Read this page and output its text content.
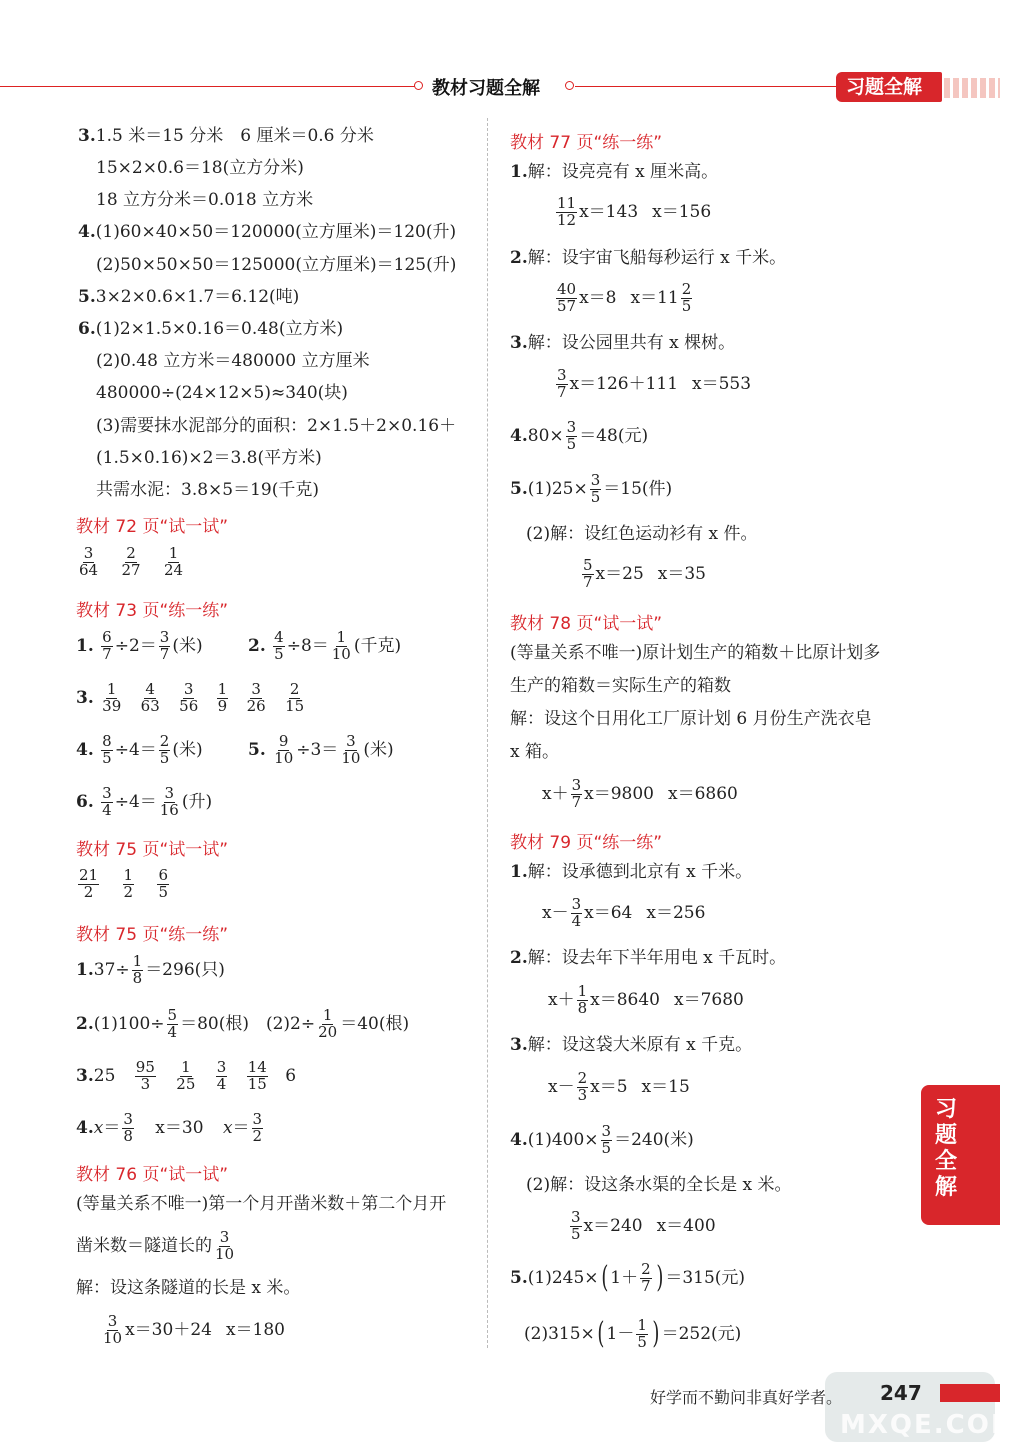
教材习题全解	习题全解
3.1.5 米＝15 分米　6 厘米＝0.6 分米
15×2×0.6＝18(立方分米)
18 立方分米＝0.018 立方米
4.(1)60×40×50＝120000(立方厘米)＝120(升)
(2)50×50×50＝125000(立方厘米)＝125(升)
5.3×2×0.6×1.7＝6.12(吨)
6.(1)2×1.5×0.16＝0.48(立方米)
(2)0.48 立方米＝480000 立方厘米
480000÷(24×12×5)≈340(块)
(3)需要抹水泥部分的面积：2×1.5＋2×0.16＋
(1.5×0.16)×2＝3.8(平方米)
共需水泥：3.8×5＝19(千克)
教材 72 页“试一试”
$\frac{3}{64}$
$\frac{2}{27}$
$\frac{1}{24}$
教材 73 页“练一练”
1. $\frac{6}{7} \div 2= \frac{3}{7}$ (米)	2. $\frac{4}{5} \div 8= \frac{1}{10}$ (千克)
3. $\frac{1}{39}$
$\frac{4}{63}$
$\frac{3}{56}$
$\frac{1}{9}$
$\frac{3}{26}$
$\frac{2}{15}$
4. $\frac{8}{5} \div 4= \frac{2}{5}$ (米)	5. $\frac{9}{10} \div 3= \frac{3}{10}$ (米)
6. $\frac{3}{4} \div 4= \frac{3}{16}$ (升)
教材 75 页“试一试”
$\frac{21}{2}$
$\frac{1}{2}$
$\frac{6}{5}$
教材 75 页“练一练”
$1.37\div \frac{1}{8} =296$(只)
$2.(1)100\div \frac{5}{4} =80$(根)　$(2)2\div \frac{1}{20} =40$(根)
$3.25 \frac{95}{3}$
$\frac{1}{25}$
$\frac{3}{4}$
$\frac{14}{15} 6$
$4.x= \frac{3}{8} x=30$ $x= \frac{3}{2}$
教材 76 页“试一试”
(等量关系不唯一)第一个月开凿米数＋第二个月开
凿米数＝隧道长的 $\frac{3}{10}$
解：设这条隧道的长是 x 米。
$\frac{3}{10} x=30+24$ x＝180
教材 77 页“练一练”
1.解：设亮亮有 x 厘米高。
$\frac{11}{12} x=143$ x＝156
2.解：设宇宙飞船每秒运行 x 千米。
$\frac{40}{57} x=8$ $x=11 \frac{2}{5}$
3.解：设公园里共有 x 棵树。
$\frac{3}{7} x=126+111$ x＝553
$4.80\times \frac{3}{5} =48$(元)
$5.(1)25\times \frac{3}{5} =15$(件)
(2)解：设红色运动衫有 x 件。
$\frac{5}{7} x=25$ x＝35
教材 78 页“试一试”
(等量关系不唯一)原计划生产的箱数＋比原计划多
生产的箱数＝实际生产的箱数
解：设这个日用化工厂原计划 6 月份生产洗衣皂
x 箱。
$x+ \frac{3}{7} x=9800$ x＝6860
教材 79 页“练一练”
1.解：设承德到北京有 x 千米。
$x- \frac{3}{4} x=64$ x＝256
2.解：设去年下半年用电 x 千瓦时。
$x+ \frac{1}{8} x=8640$ x＝7680
3.解：设这袋大米原有 x 千克。
$x- \frac{2}{3} x=5$ x＝15
$4.(1)400\times \frac{3}{5} =240$(米)
(2)解：设这条水渠的全长是 x 米。
$\frac{3}{5} x=240$ x＝400
5.(1)245×( $1+ \frac{2}{7}$ ) ＝315(元)
(2)315×( $1- \frac{1}{5}$ ) ＝252(元)
习题全解
好学而不勤问非真好学者。 247
MXQE.COM
